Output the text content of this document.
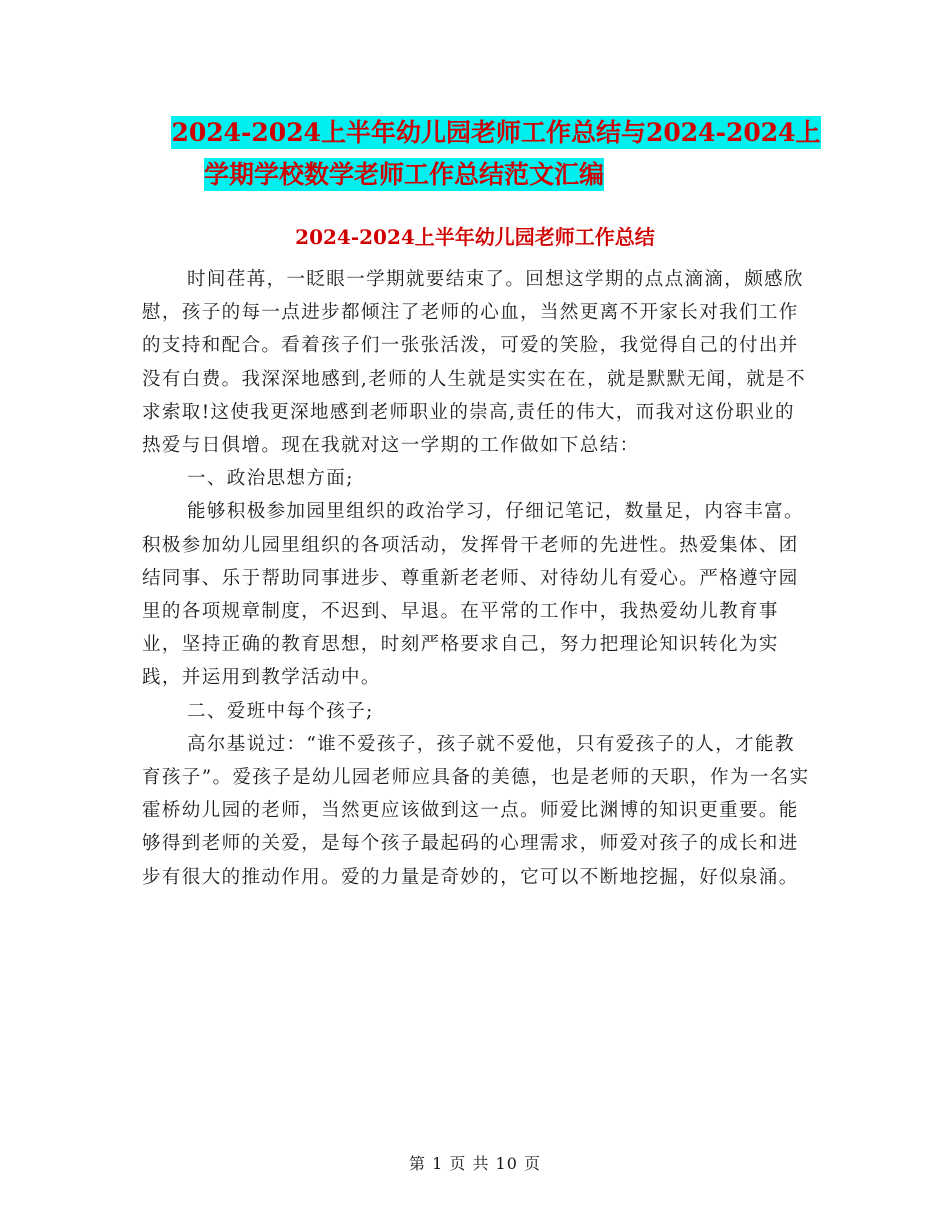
2024-2024上半年幼儿园老师工作总结与2024-2024上
学期学校数学老师工作总结范文汇编
2024-2024上半年幼儿园老师工作总结

时间荏苒，一眨眼一学期就要结束了。回想这学期的点点滴滴，颇感欣慰，孩子的每一点进步都倾注了老师的心血，当然更离不开家长对我们工作的支持和配合。看着孩子们一张张活泼，可爱的笑脸，我觉得自己的付出并没有白费。我深深地感到,老师的人生就是实实在在，就是默默无闻，就是不求索取!这使我更深地感到老师职业的崇高,责任的伟大，而我对这份职业的热爱与日俱增。现在我就对这一学期的工作做如下总结：

一、政治思想方面;

能够积极参加园里组织的政治学习，仔细记笔记，数量足，内容丰富。积极参加幼儿园里组织的各项活动，发挥骨干老师的先进性。热爱集体、团结同事、乐于帮助同事进步、尊重新老老师、对待幼儿有爱心。严格遵守园里的各项规章制度，不迟到、早退。在平常的工作中，我热爱幼儿教育事业，坚持正确的教育思想，时刻严格要求自己，努力把理论知识转化为实践，并运用到教学活动中。

二、爱班中每个孩子;

高尔基说过：“谁不爱孩子，孩子就不爱他，只有爱孩子的人，才能教育孩子”。爱孩子是幼儿园老师应具备的美德，也是老师的天职，作为一名实霍桥幼儿园的老师，当然更应该做到这一点。师爱比渊博的知识更重要。能够得到老师的关爱，是每个孩子最起码的心理需求，师爱对孩子的成长和进步有很大的推动作用。爱的力量是奇妙的，它可以不断地挖掘，好似泉涌。

第 1 页 共 10 页
